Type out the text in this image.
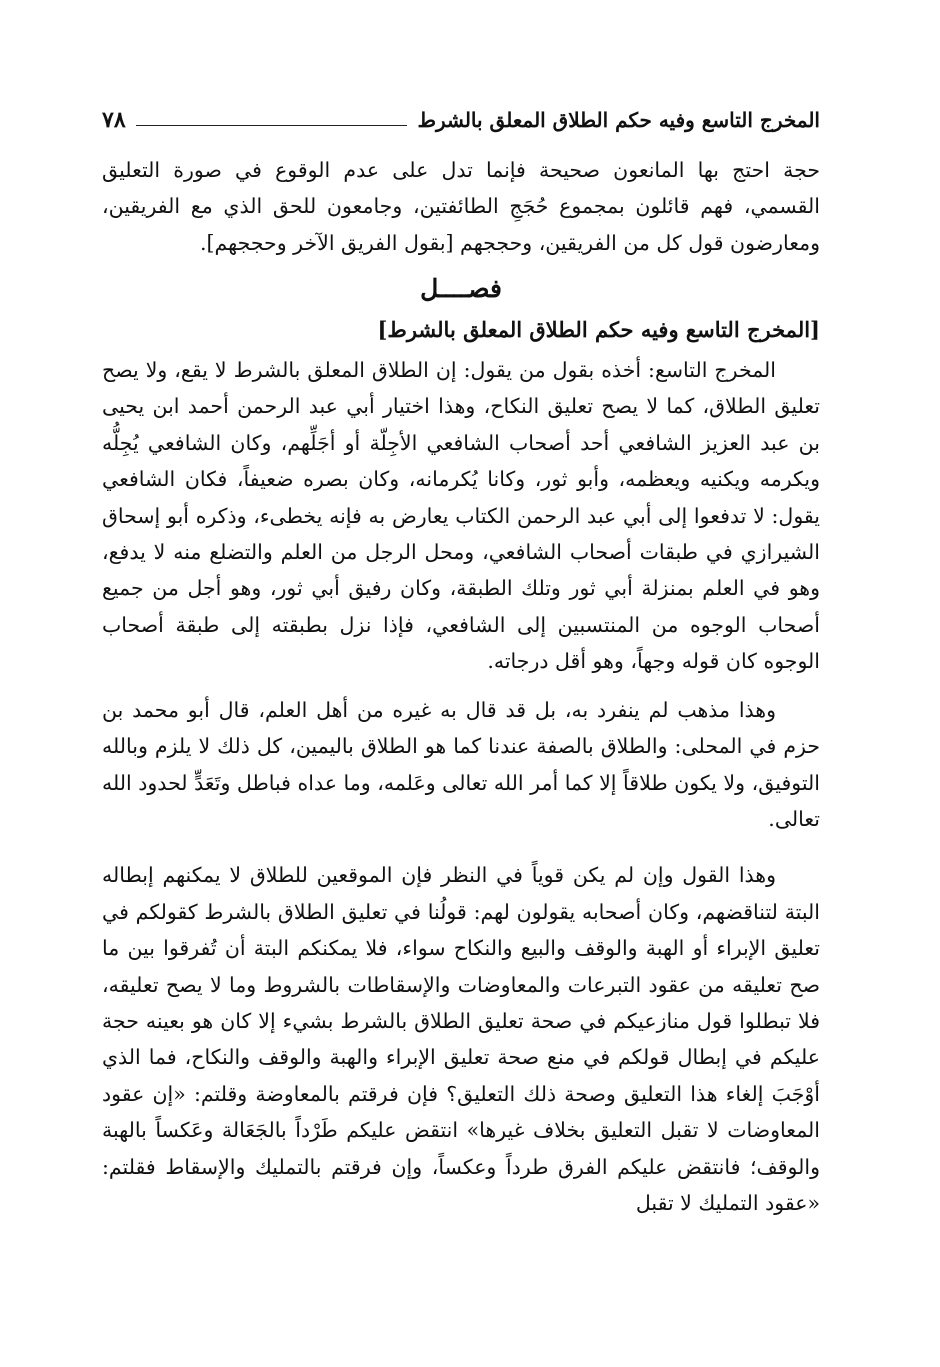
المخرج التاسع وفيه حكم الطلاق المعلق بالشرط
٧٨

حجة احتج بها المانعون صحيحة فإنما تدل على عدم الوقوع في صورة التعليق القسمي، فهم قائلون بمجموع حُجَجِ الطائفتين، وجامعون للحق الذي مع الفريقين، ومعارضون قول كل من الفريقين، وحججهم [بقول الفريق الآخر وحججهم].

فصــــل

[المخرج التاسع وفيه حكم الطلاق المعلق بالشرط]

المخرج التاسع: أخذه بقول من يقول: إن الطلاق المعلق بالشرط لا يقع، ولا يصح تعليق الطلاق، كما لا يصح تعليق النكاح، وهذا اختيار أبي عبد الرحمن أحمد ابن يحيى بن عبد العزيز الشافعي أحد أصحاب الشافعي الأجِلّة أو أجَلِّهم، وكان الشافعي يُجِلُّه ويكرمه ويكنيه ويعظمه، وأبو ثور، وكانا يُكرمانه، وكان بصره ضعيفاً، فكان الشافعي يقول: لا تدفعوا إلى أبي عبد الرحمن الكتاب يعارض به فإنه يخطىء، وذكره أبو إسحاق الشيرازي في طبقات أصحاب الشافعي، ومحل الرجل من العلم والتضلع منه لا يدفع، وهو في العلم بمنزلة أبي ثور وتلك الطبقة، وكان رفيق أبي ثور، وهو أجل من جميع أصحاب الوجوه من المنتسبين إلى الشافعي، فإذا نزل بطبقته إلى طبقة أصحاب الوجوه كان قوله وجهاً، وهو أقل درجاته.

وهذا مذهب لم ينفرد به، بل قد قال به غيره من أهل العلم، قال أبو محمد بن حزم في المحلى: والطلاق بالصفة عندنا كما هو الطلاق باليمين، كل ذلك لا يلزم وبالله التوفيق، ولا يكون طلاقاً إلا كما أمر الله تعالى وعَلمه، وما عداه فباطل وتَعَدٍّ لحدود الله تعالى.

وهذا القول وإن لم يكن قوياً في النظر فإن الموقعين للطلاق لا يمكنهم إبطاله البتة لتناقضهم، وكان أصحابه يقولون لهم: قولُنا في تعليق الطلاق بالشرط كقولكم في تعليق الإبراء أو الهبة والوقف والبيع والنكاح سواء، فلا يمكنكم البتة أن تُفرقوا بين ما صح تعليقه من عقود التبرعات والمعاوضات والإسقاطات بالشروط وما لا يصح تعليقه، فلا تبطلوا قول منازعيكم في صحة تعليق الطلاق بالشرط بشيء إلا كان هو بعينه حجة عليكم في إبطال قولكم في منع صحة تعليق الإبراء والهبة والوقف والنكاح، فما الذي أوْجَبَ إلغاء هذا التعليق وصحة ذلك التعليق؟ فإن فرقتم بالمعاوضة وقلتم: «إن عقود المعاوضات لا تقبل التعليق بخلاف غيرها» انتقض عليكم طَرْداً بالجَعَالة وعَكساً بالهبة والوقف؛ فانتقض عليكم الفرق طرداً وعكساً، وإن فرقتم بالتمليك والإسقاط فقلتم: «عقود التمليك لا تقبل
